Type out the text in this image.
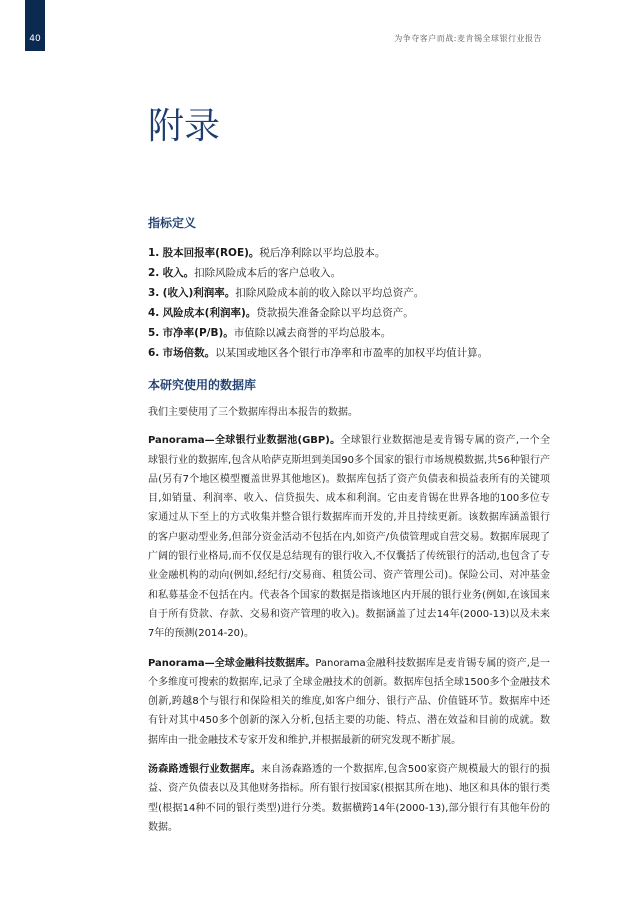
40	为争夺客户而战:麦肯锡全球银行业报告
附录
指标定义
1. 股本回报率(ROE)。税后净利除以平均总股本。
2. 收入。扣除风险成本后的客户总收入。
3. (收入)利润率。扣除风险成本前的收入除以平均总资产。
4. 风险成本(利润率)。贷款损失准备金除以平均总资产。
5. 市净率(P/B)。市值除以减去商誉的平均总股本。
6. 市场倍数。以某国或地区各个银行市净率和市盈率的加权平均值计算。
本研究使用的数据库

我们主要使用了三个数据库得出本报告的数据。

Panorama—全球银行业数据池(GBP)。全球银行业数据池是麦肯锡专属的资产,一个全球银行业的数据库,包含从哈萨克斯坦到美国90多个国家的银行市场规模数据,共56种银行产品(另有7个地区模型覆盖世界其他地区)。数据库包括了资产负债表和损益表所有的关键项目,如销量、利润率、收入、信贷损失、成本和利润。它由麦肯锡在世界各地的100多位专家通过从下至上的方式收集并整合银行数据库而开发的,并且持续更新。该数据库涵盖银行的客户驱动型业务,但部分资金活动不包括在内,如资产/负债管理或自营交易。数据库展现了广阔的银行业格局,而不仅仅是总结现有的银行收入,不仅囊括了传统银行的活动,也包含了专业金融机构的动向(例如,经纪行/交易商、租赁公司、资产管理公司)。保险公司、对冲基金和私募基金不包括在内。代表各个国家的数据是指该地区内开展的银行业务(例如,在该国来自于所有贷款、存款、交易和资产管理的收入)。数据涵盖了过去14年(2000-13)以及未来7年的预测(2014-20)。

Panorama—全球金融科技数据库。Panorama金融科技数据库是麦肯锡专属的资产,是一个多维度可搜索的数据库,记录了全球金融技术的创新。数据库包括全球1500多个金融技术创新,跨越8个与银行和保险相关的维度,如客户细分、银行产品、价值链环节。数据库中还有针对其中450多个创新的深入分析,包括主要的功能、特点、潜在效益和目前的成就。数据库由一批金融技术专家开发和维护,并根据最新的研究发现不断扩展。

汤森路透银行业数据库。来自汤森路透的一个数据库,包含500家资产规模最大的银行的损益、资产负债表以及其他财务指标。所有银行按国家(根据其所在地)、地区和具体的银行类型(根据14种不同的银行类型)进行分类。数据横跨14年(2000-13),部分银行有其他年份的数据。
